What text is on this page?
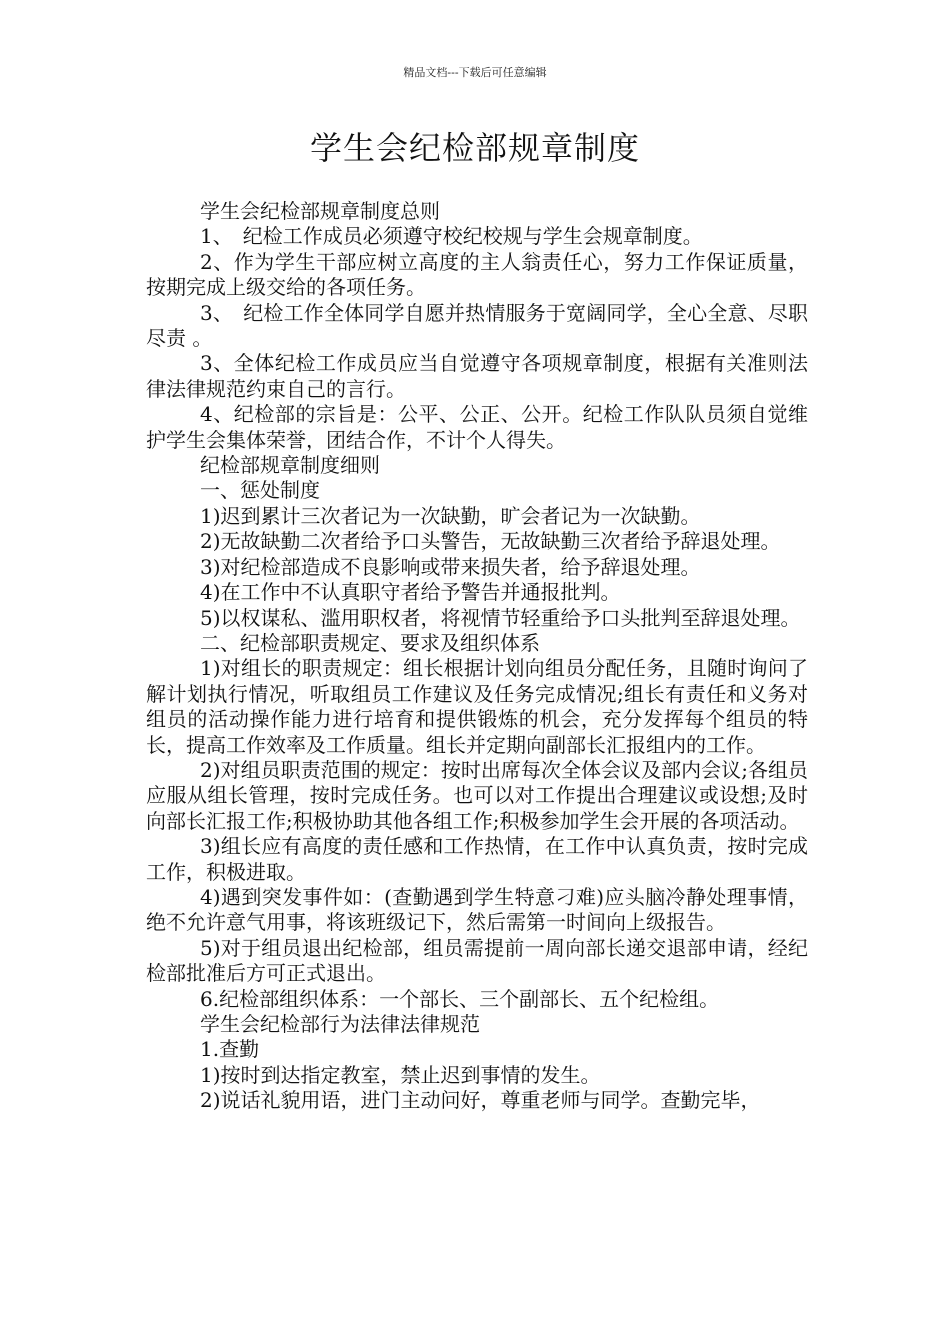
精品文档---下载后可任意编辑
学生会纪检部规章制度

学生会纪检部规章制度总则

1、　纪检工作成员必须遵守校纪校规与学生会规章制度。

2、作为学生干部应树立高度的主人翁责任心，努力工作保证质量，按期完成上级交给的各项任务。

3、　纪检工作全体同学自愿并热情服务于宽阔同学，全心全意、尽职尽责 。

3、全体纪检工作成员应当自觉遵守各项规章制度，根据有关准则法律法律规范约束自己的言行。

4、纪检部的宗旨是：公平、公正、公开。纪检工作队队员须自觉维护学生会集体荣誉，团结合作，不计个人得失。

纪检部规章制度细则

一、惩处制度

1)迟到累计三次者记为一次缺勤，旷会者记为一次缺勤。

2)无故缺勤二次者给予口头警告，无故缺勤三次者给予辞退处理。

3)对纪检部造成不良影响或带来损失者，给予辞退处理。

4)在工作中不认真职守者给予警告并通报批判。

5)以权谋私、滥用职权者，将视情节轻重给予口头批判至辞退处理。

二、纪检部职责规定、要求及组织体系

1)对组长的职责规定：组长根据计划向组员分配任务，且随时询问了解计划执行情况，听取组员工作建议及任务完成情况;组长有责任和义务对组员的活动操作能力进行培育和提供锻炼的机会，充分发挥每个组员的特长，提高工作效率及工作质量。组长并定期向副部长汇报组内的工作。

2)对组员职责范围的规定：按时出席每次全体会议及部内会议;各组员应服从组长管理，按时完成任务。也可以对工作提出合理建议或设想;及时向部长汇报工作;积极协助其他各组工作;积极参加学生会开展的各项活动。

3)组长应有高度的责任感和工作热情，在工作中认真负责，按时完成工作，积极进取。

4)遇到突发事件如：(查勤遇到学生特意刁难)应头脑冷静处理事情，绝不允许意气用事，将该班级记下，然后需第一时间向上级报告。

5)对于组员退出纪检部，组员需提前一周向部长递交退部申请，经纪检部批准后方可正式退出。

6.纪检部组织体系：一个部长、三个副部长、五个纪检组。

学生会纪检部行为法律法律规范

1.查勤

1)按时到达指定教室，禁止迟到事情的发生。

2)说话礼貌用语，进门主动问好，尊重老师与同学。查勤完毕，
